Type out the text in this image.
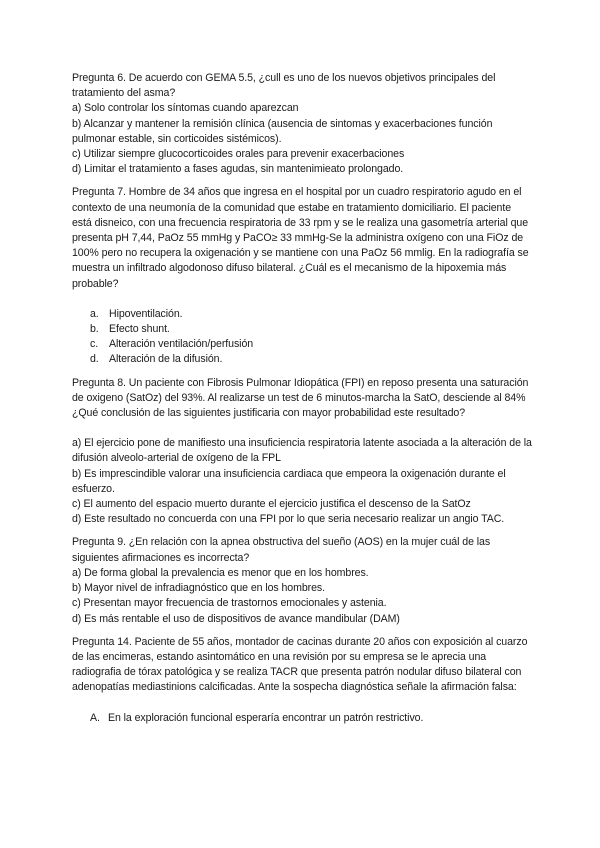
Pregunta 6. De acuerdo con GEMA 5.5, ¿cull es uno de los nuevos objetivos principales del tratamiento del asma?

a) Solo controlar los síntomas cuando aparezcan

b) Alcanzar y mantener la remisión clínica (ausencia de sintomas y exacerbaciones función pulmonar estable, sin corticoides sistémicos).

c) Utilizar siempre glucocorticoides orales para prevenir exacerbaciones

d) Limitar el tratamiento a fases agudas, sin mantenimieato prolongado.

Pregunta 7. Hombre de 34 años que ingresa en el hospital por un cuadro respiratorio agudo en el contexto de una neumonía de la comunidad que estabe en tratamiento domiciliario. El paciente está disneico, con una frecuencia respiratoria de 33 rpm y se le realiza una gasometría arterial que presenta pH 7,44, PaOz 55 mmHg y PaCO≥ 33 mmHg-Se la administra oxígeno con una FiOz de 100% pero no recupera la oxigenación y se mantiene con una PaOz 56 mmlig. En la radiografía se muestra un infiltrado algodonoso difuso bilateral. ¿Cuál es el mecanismo de la hipoxemia más probable?

a. Hipoventilación.
b. Efecto shunt.
c. Alteración ventilación/perfusión
d. Alteración de la difusión.

Pregunta 8. Un paciente con Fibrosis Pulmonar Idiopática (FPI) en reposo presenta una saturación de oxigeno (SatOz) del 93%. Al realizarse un test de 6 minutos-marcha la SatO, desciende al 84% ¿Qué conclusión de las siguientes justificaria con mayor probabilidad este resultado?

a) El ejercicio pone de manifiesto una insuficiencia respiratoria latente asociada a la alteración de la difusión alveolo-arterial de oxígeno de la FPL

b) Es imprescindible valorar una insuficiencia cardiaca que empeora la oxigenación durante el esfuerzo.

c) El aumento del espacio muerto durante el ejercicio justifica el descenso de la SatOz

d) Este resultado no concuerda con una FPI por lo que seria necesario realizar un angio TAC.

Pregunta 9. ¿En relación con la apnea obstructiva del sueño (AOS) en la mujer cuál de las siguientes afirmaciones es incorrecta?

a) De forma global la prevalencia es menor que en los hombres.

b) Mayor nivel de infradiagnóstico que en los hombres.

c) Presentan mayor frecuencia de trastornos emocionales y astenia.

d) Es más rentable el uso de dispositivos de avance mandibular (DAM)

Pregunta 14. Paciente de 55 años, montador de cacinas durante 20 años con exposición al cuarzo de las encimeras, estando asintomático en una revisión por su empresa se le aprecia una radiografia de tórax patológica y se realiza TACR que presenta patrón nodular difuso bilateral con adenopatías mediastinions calcificadas. Ante la sospecha diagnóstica señale la afirmación falsa:

A. En la exploración funcional esperaría encontrar un patrón restrictivo.
